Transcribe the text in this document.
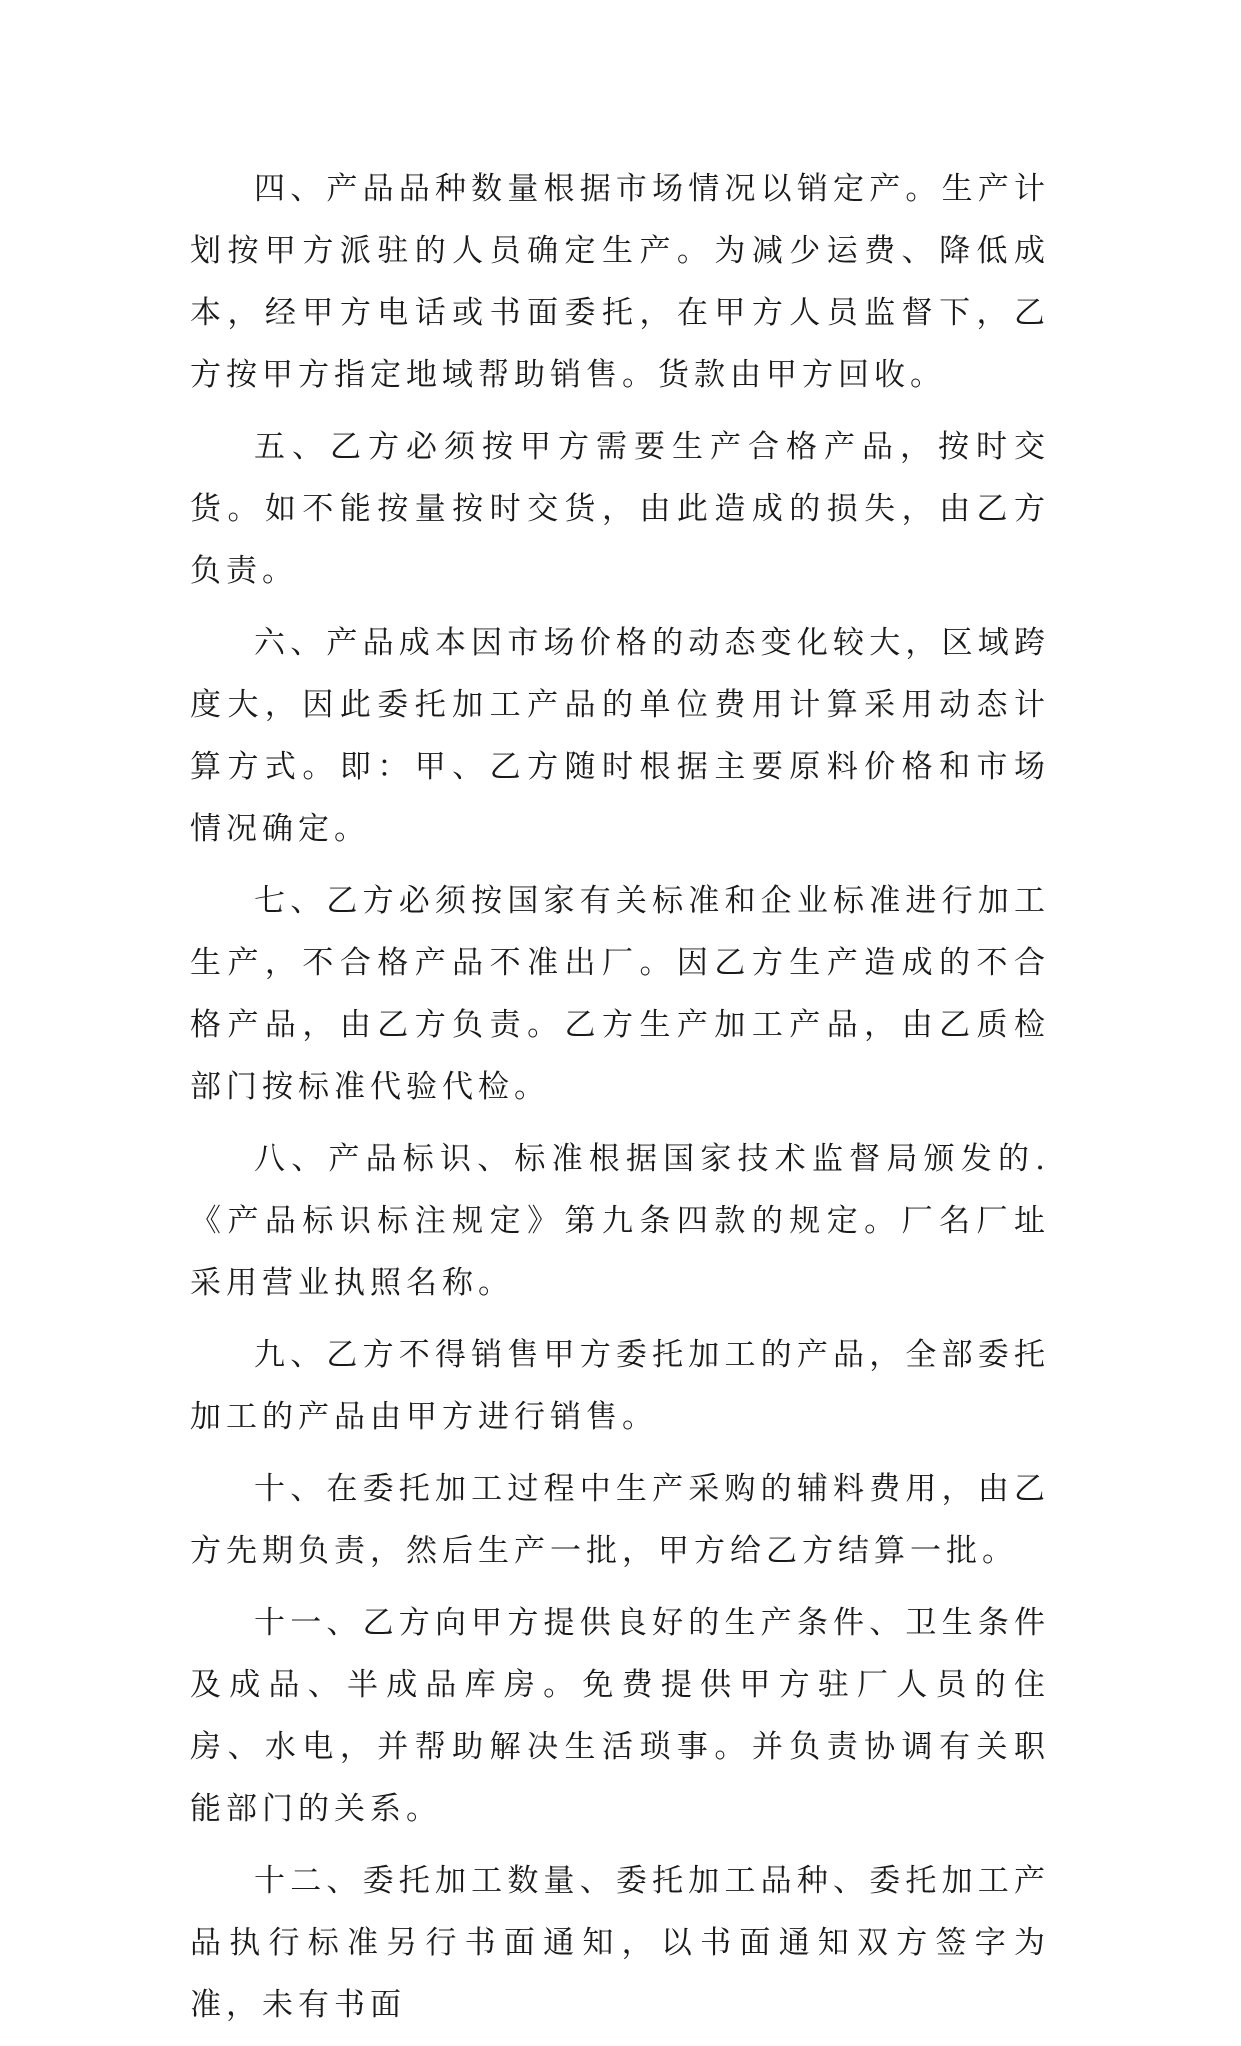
四、产品品种数量根据市场情况以销定产。生产计划按甲方派驻的人员确定生产。为减少运费、降低成本，经甲方电话或书面委托，在甲方人员监督下，乙方按甲方指定地域帮助销售。货款由甲方回收。

五、乙方必须按甲方需要生产合格产品，按时交货。如不能按量按时交货，由此造成的损失，由乙方负责。

六、产品成本因市场价格的动态变化较大，区域跨度大，因此委托加工产品的单位费用计算采用动态计算方式。即：甲、乙方随时根据主要原料价格和市场情况确定。

七、乙方必须按国家有关标准和企业标准进行加工生产，不合格产品不准出厂。因乙方生产造成的不合格产品，由乙方负责。乙方生产加工产品，由乙质检部门按标准代验代检。

八、产品标识、标准根据国家技术监督局颁发的.《产品标识标注规定》第九条四款的规定。厂名厂址采用营业执照名称。

九、乙方不得销售甲方委托加工的产品，全部委托加工的产品由甲方进行销售。

十、在委托加工过程中生产采购的辅料费用，由乙方先期负责，然后生产一批，甲方给乙方结算一批。

十一、乙方向甲方提供良好的生产条件、卫生条件及成品、半成品库房。免费提供甲方驻厂人员的住房、水电，并帮助解决生活琐事。并负责协调有关职能部门的关系。

十二、委托加工数量、委托加工品种、委托加工产品执行标准另行书面通知，以书面通知双方签字为准，未有书面
